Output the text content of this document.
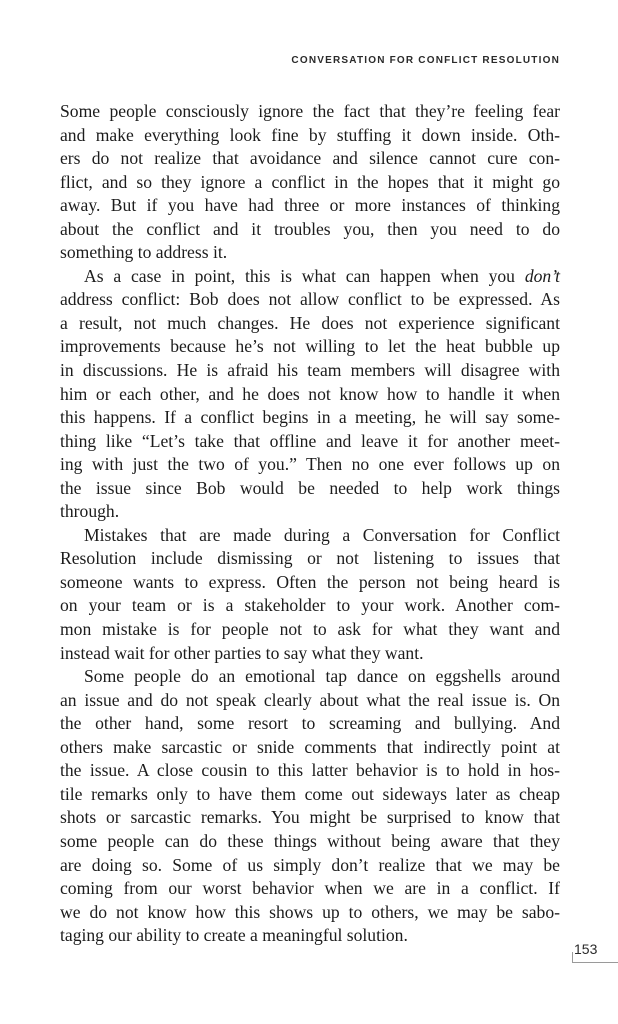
CONVERSATION FOR CONFLICT RESOLUTION
Some people consciously ignore the fact that they’re feeling fear
and make everything look fine by stuffing it down inside. Oth-
ers do not realize that avoidance and silence cannot cure con-
flict, and so they ignore a conflict in the hopes that it might go
away. But if you have had three or more instances of thinking
about the conflict and it troubles you, then you need to do
something to address it.
As a case in point, this is what can happen when you don’t
address conflict: Bob does not allow conflict to be expressed. As
a result, not much changes. He does not experience significant
improvements because he’s not willing to let the heat bubble up
in discussions. He is afraid his team members will disagree with
him or each other, and he does not know how to handle it when
this happens. If a conflict begins in a meeting, he will say some-
thing like “Let’s take that offline and leave it for another meet-
ing with just the two of you.” Then no one ever follows up on
the issue since Bob would be needed to help work things
through.
Mistakes that are made during a Conversation for Conflict
Resolution include dismissing or not listening to issues that
someone wants to express. Often the person not being heard is
on your team or is a stakeholder to your work. Another com-
mon mistake is for people not to ask for what they want and
instead wait for other parties to say what they want.
Some people do an emotional tap dance on eggshells around
an issue and do not speak clearly about what the real issue is. On
the other hand, some resort to screaming and bullying. And
others make sarcastic or snide comments that indirectly point at
the issue. A close cousin to this latter behavior is to hold in hos-
tile remarks only to have them come out sideways later as cheap
shots or sarcastic remarks. You might be surprised to know that
some people can do these things without being aware that they
are doing so. Some of us simply don’t realize that we may be
coming from our worst behavior when we are in a conflict. If
we do not know how this shows up to others, we may be sabo-
taging our ability to create a meaningful solution.
153
